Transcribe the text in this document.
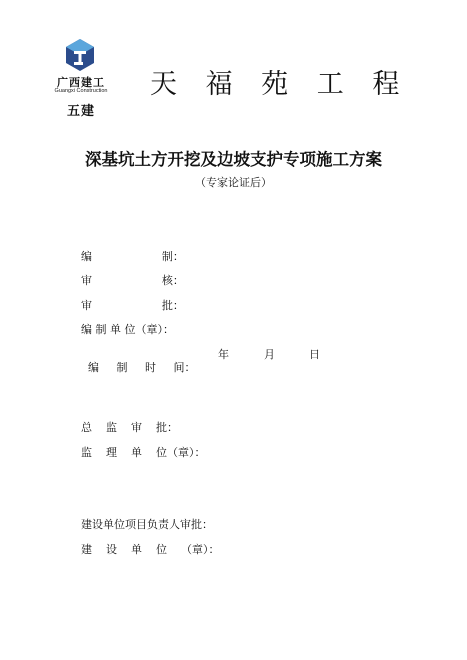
广西建工
Guangxi Construction
五建
天 福 苑 工 程
深基坑土方开挖及边坡支护专项施工方案
（专家论证后）
编                    制：
审                    核：
审                    批：
编 制 单 位（章）：

编     制     时     间：

年	月	日
总    监    审    批：
监    理    单    位（章）：
建设单位项目负责人审批：
建    设    单    位    （章）：
